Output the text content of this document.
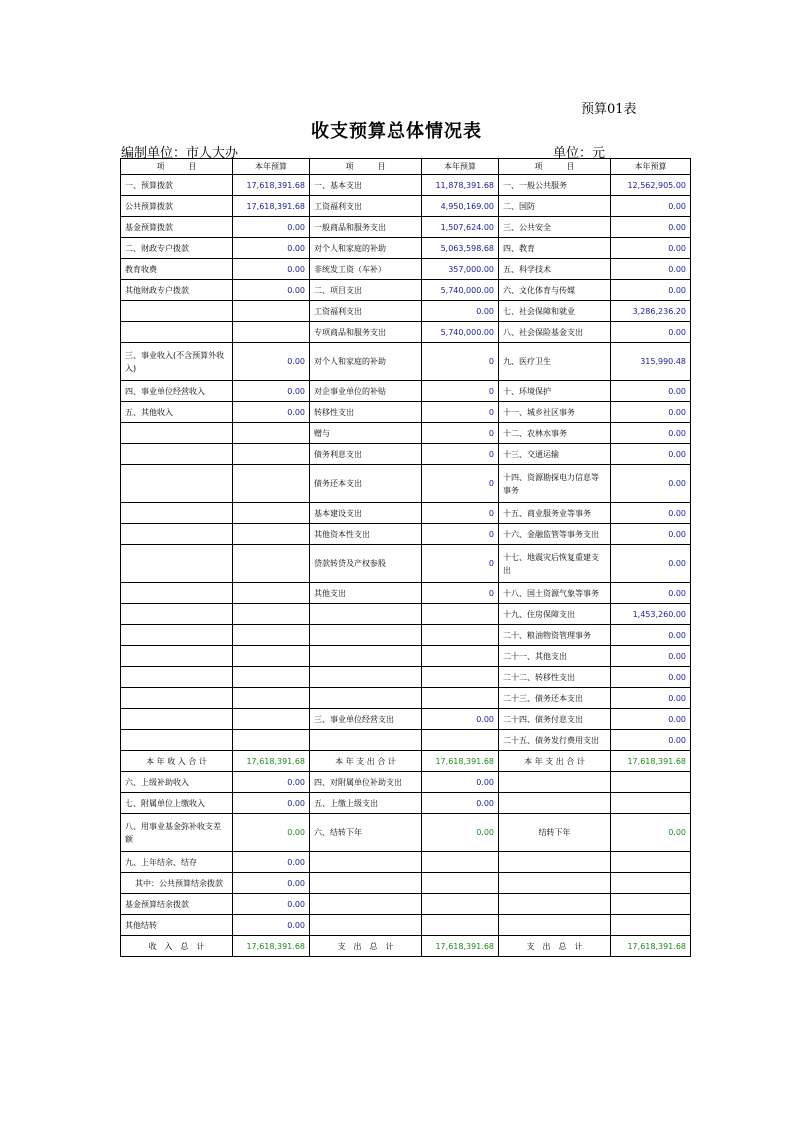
预算01表
收支预算总体情况表
编制单位：市人大办	单位：元
项　　　目	本年预算	项　　　目	本年预算	项　　　目	本年预算
一、预算拨款	17,618,391.68	一、基本支出	11,878,391.68	一、一般公共服务	12,562,905.00
公共预算拨款	17,618,391.68	工资福利支出	4,950,169.00	二、国防	0.00
基金预算拨款	0.00	一般商品和服务支出	1,507,624.00	三、公共安全	0.00
二、财政专户拨款	0.00	对个人和家庭的补助	5,063,598.68	四、教育	0.00
教育收费	0.00	非统发工资（车补）	357,000.00	五、科学技术	0.00
其他财政专户拨款	0.00	二、项目支出	5,740,000.00	六、文化体育与传媒	0.00
		工资福利支出	0.00	七、社会保障和就业	3,286,236.20
		专项商品和服务支出	5,740,000.00	八、社会保险基金支出	0.00
三、事业收入(不含预算外收入)	0.00	对个人和家庭的补助	0	九、医疗卫生	315,990.48
四、事业单位经营收入	0.00	对企事业单位的补贴	0	十、环境保护	0.00
五、其他收入	0.00	转移性支出	0	十一、城乡社区事务	0.00
		赠与	0	十二、农林水事务	0.00
		债务利息支出	0	十三、交通运输	0.00
		债务还本支出	0	十四、资源勘探电力信息等事务	0.00
		基本建设支出	0	十五、商业服务业等事务	0.00
		其他资本性支出	0	十六、金融监管等事务支出	0.00
		贷款转贷及产权参股	0	十七、地震灾后恢复重建支出	0.00
		其他支出	0	十八、国土资源气象等事务	0.00
				十九、住房保障支出	1,453,260.00
				二十、粮油物资管理事务	0.00
				二十一、其他支出	0.00
				二十二、转移性支出	0.00
				二十三、债务还本支出	0.00
		三、事业单位经营支出	0.00	二十四、债务付息支出	0.00
				二十五、债务发行费用支出	0.00
本 年 收 入 合 计	17,618,391.68	本 年 支 出 合 计	17,618,391.68	本 年 支 出 合 计	17,618,391.68
六、上级补助收入	0.00	四、对附属单位补助支出	0.00		
七、附属单位上缴收入	0.00	五、上缴上级支出	0.00		
八、用事业基金弥补收支差额	0.00	六、结转下年	0.00	结转下年	0.00
九、上年结余、结存	0.00				
其中：公共预算结余拨款	0.00				
基金预算结余拨款	0.00				
其他结转	0.00				
收　入　总　计	17,618,391.68	支　出　总　计	17,618,391.68	支　出　总　计	17,618,391.68
